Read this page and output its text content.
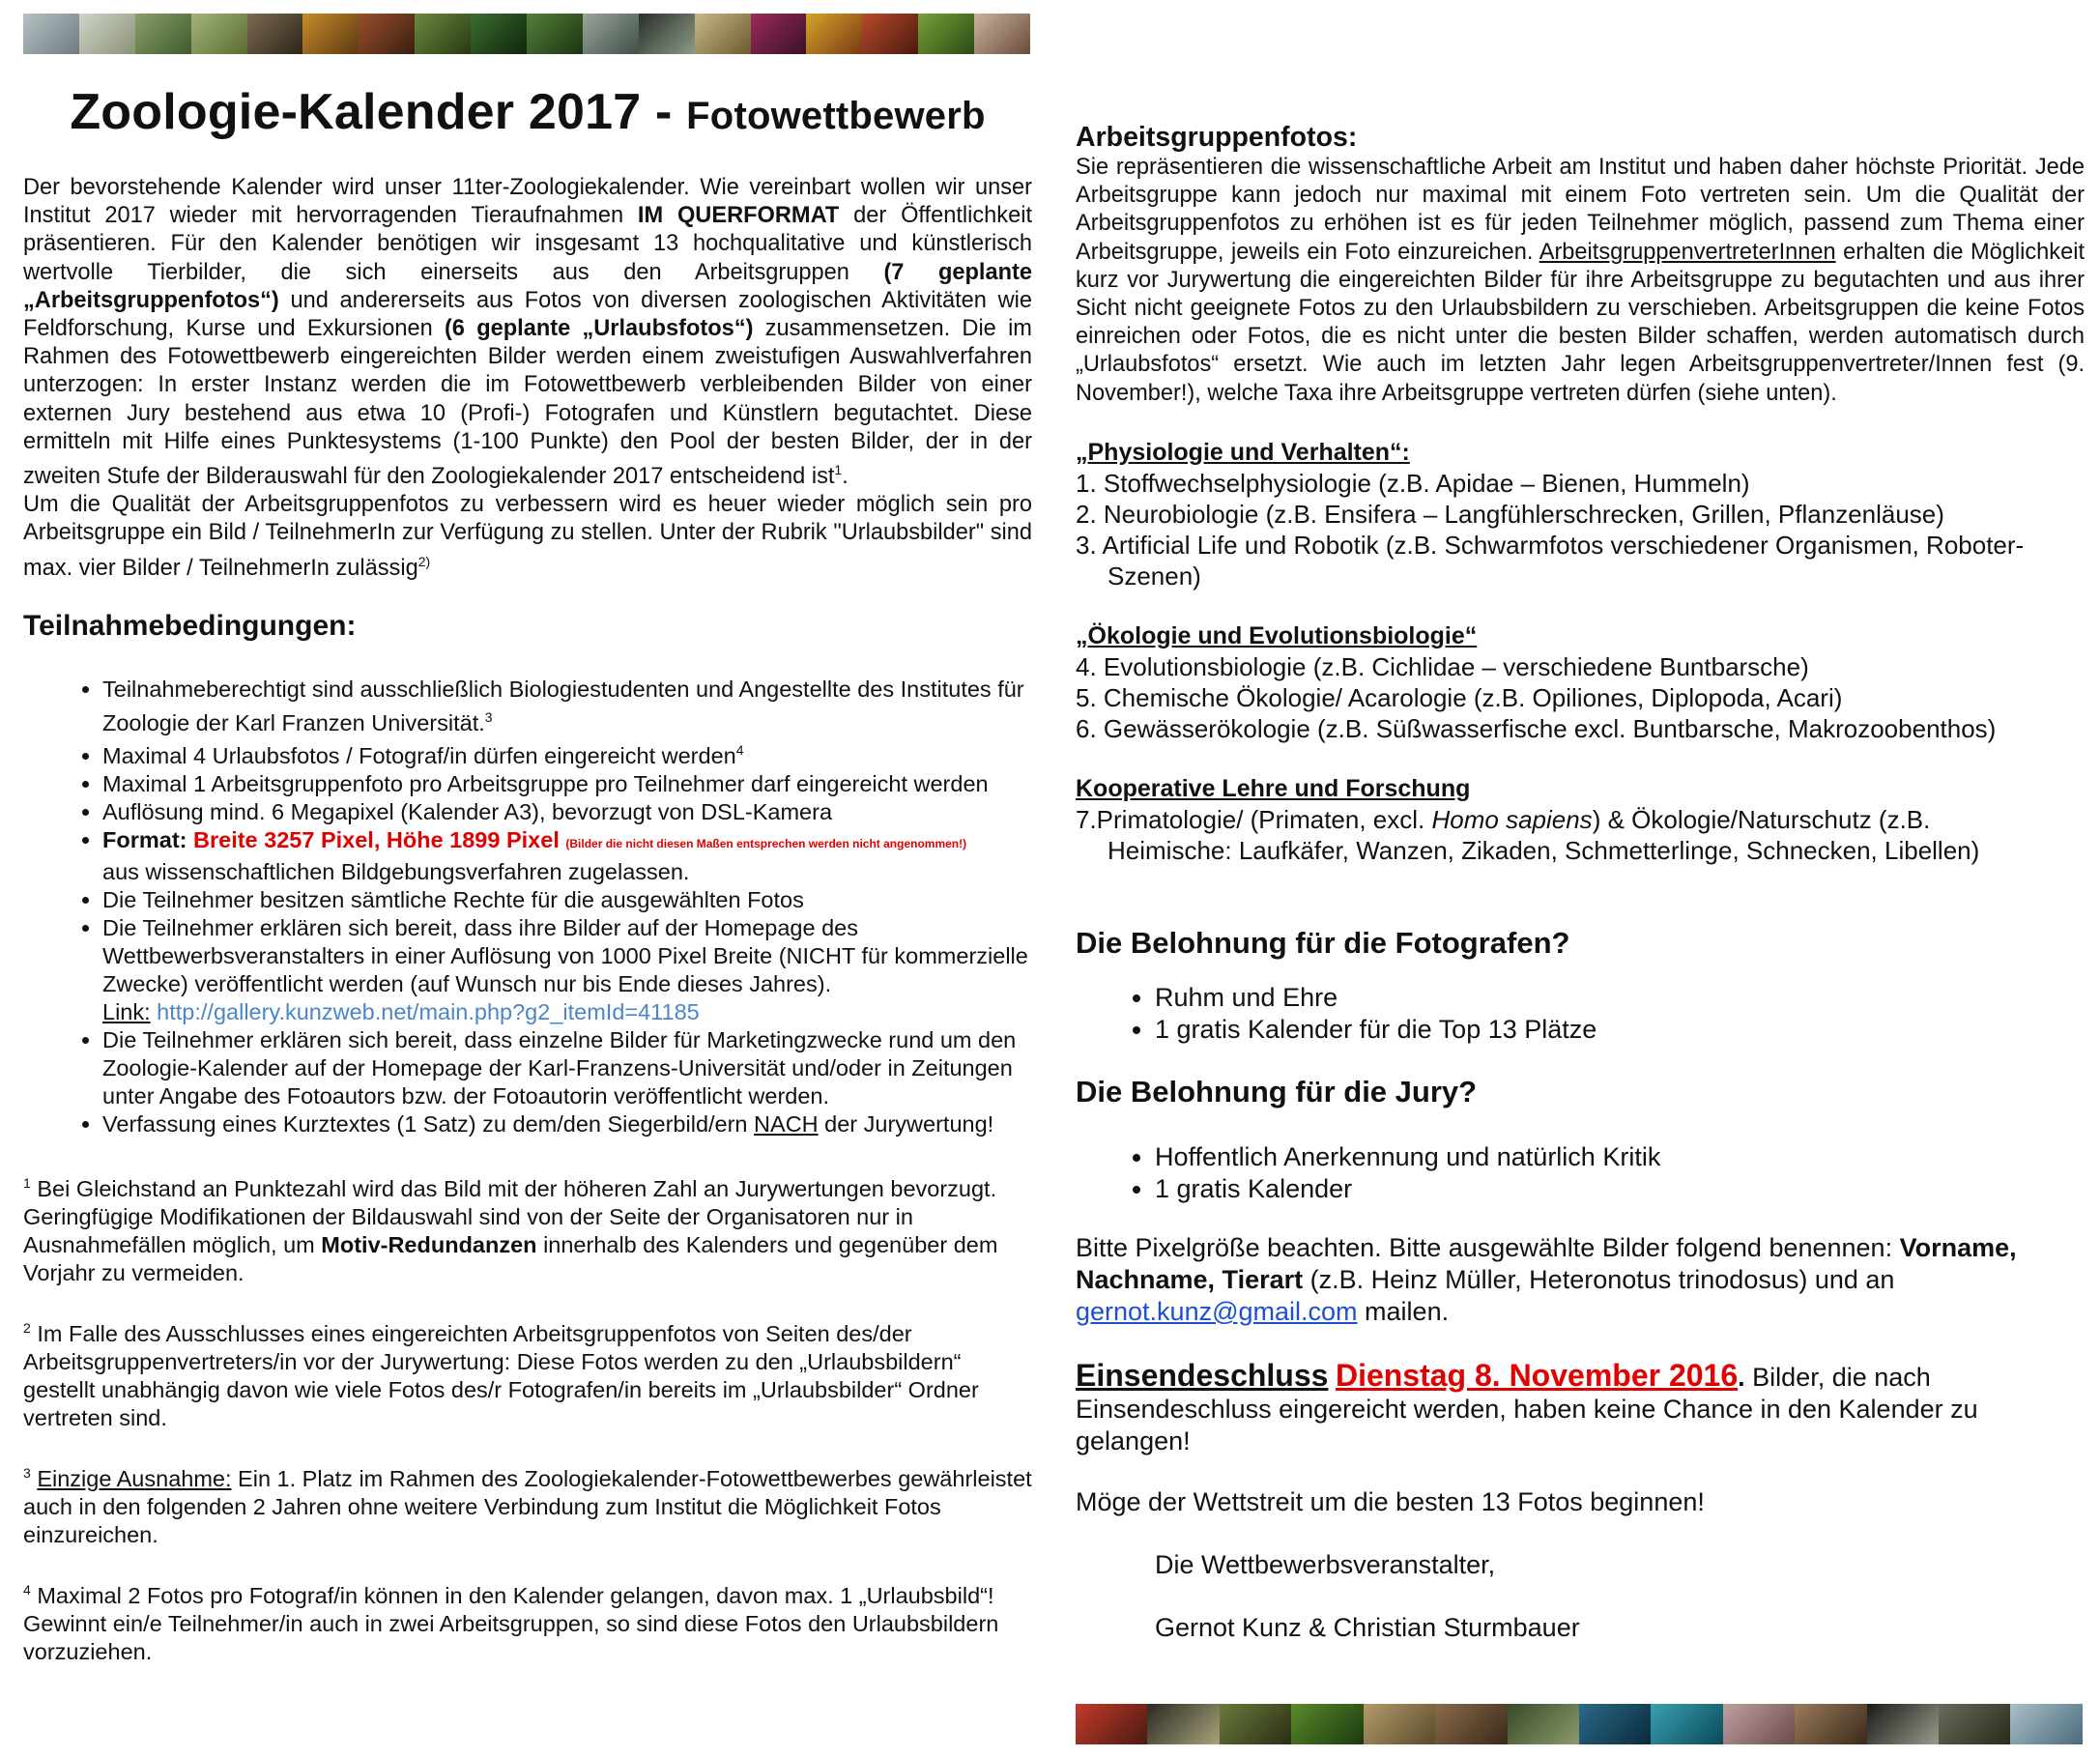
Zoologie-Kalender 2017 - Fotowettbewerb

Der bevorstehende Kalender wird unser 11ter-Zoologiekalender. Wie vereinbart wollen wir unser Institut 2017 wieder mit hervorragenden Tieraufnahmen IM QUERFORMAT der Öffentlichkeit präsentieren. Für den Kalender benötigen wir insgesamt 13 hochqualitative und künstlerisch wertvolle Tierbilder, die sich einerseits aus den Arbeitsgruppen (7 geplante „Arbeitsgruppenfotos“) und andererseits aus Fotos von diversen zoologischen Aktivitäten wie Feldforschung, Kurse und Exkursionen (6 geplante „Urlaubsfotos“) zusammensetzen. Die im Rahmen des Fotowettbewerb eingereichten Bilder werden einem zweistufigen Auswahlverfahren unterzogen: In erster Instanz werden die im Fotowettbewerb verbleibenden Bilder von einer externen Jury bestehend aus etwa 10 (Profi-) Fotografen und Künstlern begutachtet. Diese ermitteln mit Hilfe eines Punktesystems (1-100 Punkte) den Pool der besten Bilder, der in der zweiten Stufe der Bilderauswahl für den Zoologiekalender 2017 entscheidend ist$^1$.
Um die Qualität der Arbeitsgruppenfotos zu verbessern wird es heuer wieder möglich sein pro Arbeitsgruppe ein Bild / TeilnehmerIn zur Verfügung zu stellen. Unter der Rubrik "Urlaubsbilder" sind max. vier Bilder / TeilnehmerIn zulässig$^{2)}$

Teilnahmebedingungen:
• Teilnahmeberechtigt sind ausschließlich Biologiestudenten und Angestellte des Institutes für Zoologie der Karl Franzen Universität.$^3$
• Maximal 4 Urlaubsfotos / Fotograf/in dürfen eingereicht werden$^4$
• Maximal 1 Arbeitsgruppenfoto pro Arbeitsgruppe pro Teilnehmer darf eingereicht werden
• Auflösung mind. 6 Megapixel (Kalender A3), bevorzugt von DSL-Kamera
• Format: Breite 3257 Pixel, Höhe 1899 Pixel (Bilder die nicht diesen Maßen entsprechen werden nicht angenommen!)
aus wissenschaftlichen Bildgebungsverfahren zugelassen.
• Die Teilnehmer besitzen sämtliche Rechte für die ausgewählten Fotos
• Die Teilnehmer erklären sich bereit, dass ihre Bilder auf der Homepage des Wettbewerbsveranstalters in einer Auflösung von 1000 Pixel Breite (NICHT für kommerzielle Zwecke) veröffentlicht werden (auf Wunsch nur bis Ende dieses Jahres).
Link: http://gallery.kunzweb.net/main.php?g2_itemId=41185
• Die Teilnehmer erklären sich bereit, dass einzelne Bilder für Marketingzwecke rund um den Zoologie-Kalender auf der Homepage der Karl-Franzens-Universität und/oder in Zeitungen unter Angabe des Fotoautors bzw. der Fotoautorin veröffentlicht werden.
• Verfassung eines Kurztextes (1 Satz) zu dem/den Siegerbild/ern NACH der Jurywertung!

$^1$ Bei Gleichstand an Punktezahl wird das Bild mit der höheren Zahl an Jurywertungen bevorzugt. Geringfügige Modifikationen der Bildauswahl sind von der Seite der Organisatoren nur in Ausnahmefällen möglich, um Motiv-Redundanzen innerhalb des Kalenders und gegenüber dem Vorjahr zu vermeiden.

$^2$ Im Falle des Ausschlusses eines eingereichten Arbeitsgruppenfotos von Seiten des/der Arbeitsgruppenvertreters/in vor der Jurywertung: Diese Fotos werden zu den „Urlaubsbildern“ gestellt unabhängig davon wie viele Fotos des/r Fotografen/in bereits im „Urlaubsbilder“ Ordner vertreten sind.

$^3$ Einzige Ausnahme: Ein 1. Platz im Rahmen des Zoologiekalender-Fotowettbewerbes gewährleistet auch in den folgenden 2 Jahren ohne weitere Verbindung zum Institut die Möglichkeit Fotos einzureichen.

$^4$ Maximal 2 Fotos pro Fotograf/in können in den Kalender gelangen, davon max. 1 „Urlaubsbild“! Gewinnt ein/e Teilnehmer/in auch in zwei Arbeitsgruppen, so sind diese Fotos den Urlaubsbildern vorzuziehen.

Arbeitsgruppenfotos:

Sie repräsentieren die wissenschaftliche Arbeit am Institut und haben daher höchste Priorität. Jede Arbeitsgruppe kann jedoch nur maximal mit einem Foto vertreten sein. Um die Qualität der Arbeitsgruppenfotos zu erhöhen ist es für jeden Teilnehmer möglich, passend zum Thema einer Arbeitsgruppe, jeweils ein Foto einzureichen. ArbeitsgruppenvertreterInnen erhalten die Möglichkeit kurz vor Jurywertung die eingereichten Bilder für ihre Arbeitsgruppe zu begutachten und aus ihrer Sicht nicht geeignete Fotos zu den Urlaubsbildern zu verschieben. Arbeitsgruppen die keine Fotos einreichen oder Fotos, die es nicht unter die besten Bilder schaffen, werden automatisch durch „Urlaubsfotos“ ersetzt. Wie auch im letzten Jahr legen Arbeitsgruppenvertreter/Innen fest (9. November!), welche Taxa ihre Arbeitsgruppe vertreten dürfen (siehe unten).

„Physiologie und Verhalten“:

1. Stoffwechselphysiologie (z.B. Apidae – Bienen, Hummeln)

2. Neurobiologie (z.B. Ensifera – Langfühlerschrecken, Grillen, Pflanzenläuse)

3. Artificial Life und Robotik (z.B. Schwarmfotos verschiedener Organismen, Roboter-

Szenen)

„Ökologie und Evolutionsbiologie“

4. Evolutionsbiologie (z.B. Cichlidae – verschiedene Buntbarsche)

5. Chemische Ökologie/ Acarologie (z.B. Opiliones, Diplopoda, Acari)

6. Gewässerökologie (z.B. Süßwasserfische excl. Buntbarsche, Makrozoobenthos)

Kooperative Lehre und Forschung

7.Primatologie/ (Primaten, excl. Homo sapiens) & Ökologie/Naturschutz (z.B.

Heimische: Laufkäfer, Wanzen, Zikaden, Schmetterlinge, Schnecken, Libellen)

Die Belohnung für die Fotografen?

• Ruhm und Ehre
• 1 gratis Kalender für die Top 13 Plätze

Die Belohnung für die Jury?

• Hoffentlich Anerkennung und natürlich Kritik
• 1 gratis Kalender

Bitte Pixelgröße beachten. Bitte ausgewählte Bilder folgend benennen: Vorname, Nachname, Tierart (z.B. Heinz Müller, Heteronotus trinodosus) und an
gernot.kunz@gmail.com mailen.

Einsendeschluss Dienstag 8. November 2016. Bilder, die nach Einsendeschluss eingereicht werden, haben keine Chance in den Kalender zu gelangen!

Möge der Wettstreit um die besten 13 Fotos beginnen!

Die Wettbewerbsveranstalter,

Gernot Kunz & Christian Sturmbauer
